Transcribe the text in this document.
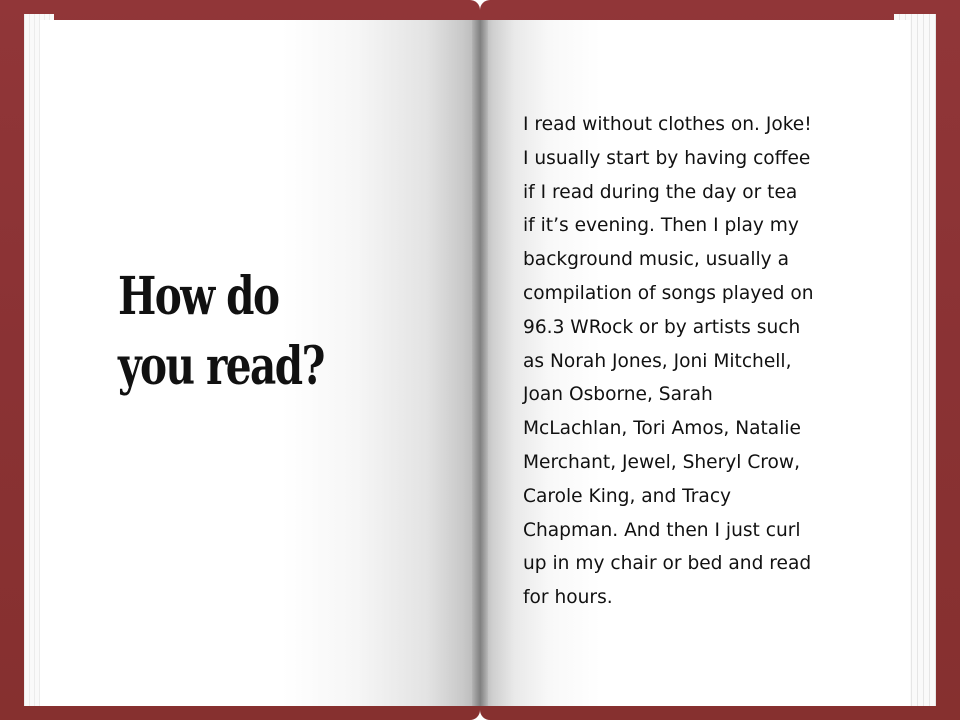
How do
you read?

I read without clothes on. Joke!
I usually start by having coffee
if I read during the day or tea
if it’s evening. Then I play my
background music, usually a
compilation of songs played on
96.3 WRock or by artists such
as Norah Jones, Joni Mitchell,
Joan Osborne, Sarah
McLachlan, Tori Amos, Natalie
Merchant, Jewel, Sheryl Crow,
Carole King, and Tracy
Chapman. And then I just curl
up in my chair or bed and read
for hours.
